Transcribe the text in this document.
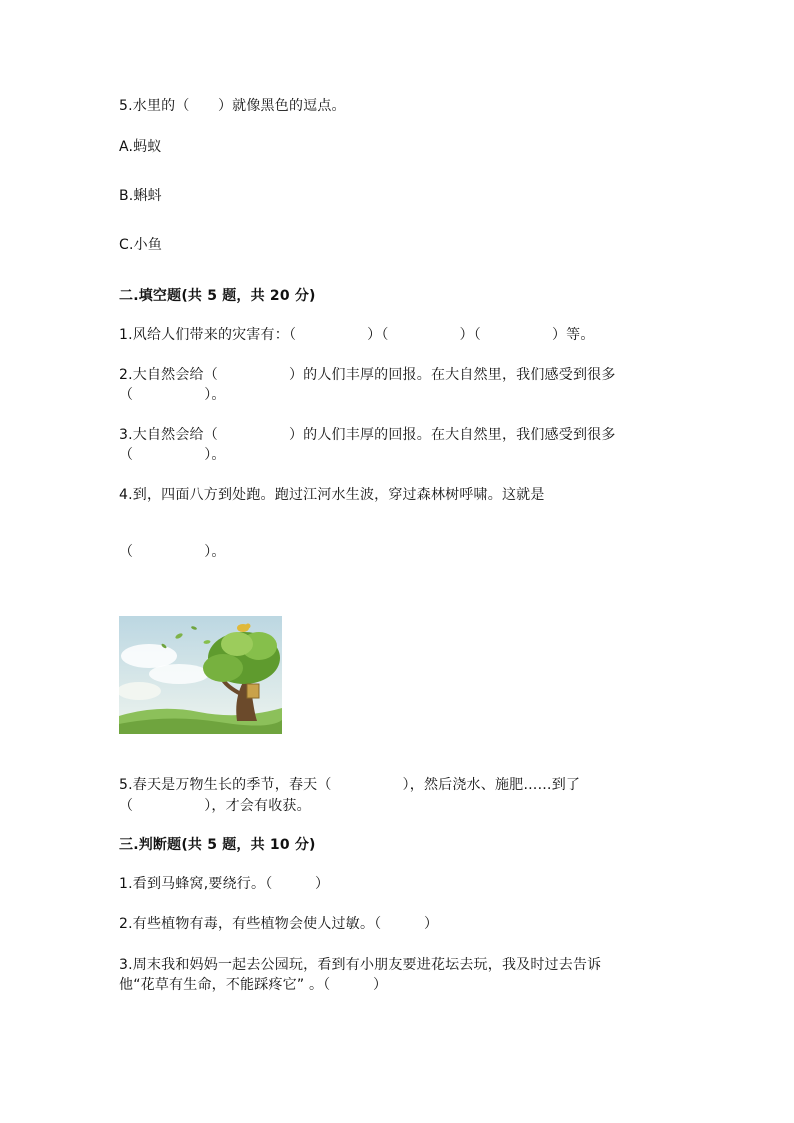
5.水里的（　　）就像黑色的逗点。
A.蚂蚁
B.蝌蚪
C.小鱼
二.填空题(共 5 题，共 20 分)
1.风给人们带来的灾害有：（　　　　　）（　　　　　）（　　　　　）等。
2.大自然会给（　　　　　）的人们丰厚的回报。在大自然里，我们感受到很多
（　　　　　）。
3.大自然会给（　　　　　）的人们丰厚的回报。在大自然里，我们感受到很多
（　　　　　）。
4.到，四面八方到处跑。跑过江河水生波，穿过森林树呼啸。这就是
（　　　　　）。
5.春天是万物生长的季节，春天（　　　　　），然后浇水、施肥……到了
（　　　　　），才会有收获。
三.判断题(共 5 题，共 10 分)
1.看到马蜂窝,要绕行。（　　　）
2.有些植物有毒，有些植物会使人过敏。（　　　）
3.周末我和妈妈一起去公园玩，看到有小朋友要进花坛去玩，我及时过去告诉
他“花草有生命，不能踩疼它” 。（　　　）
